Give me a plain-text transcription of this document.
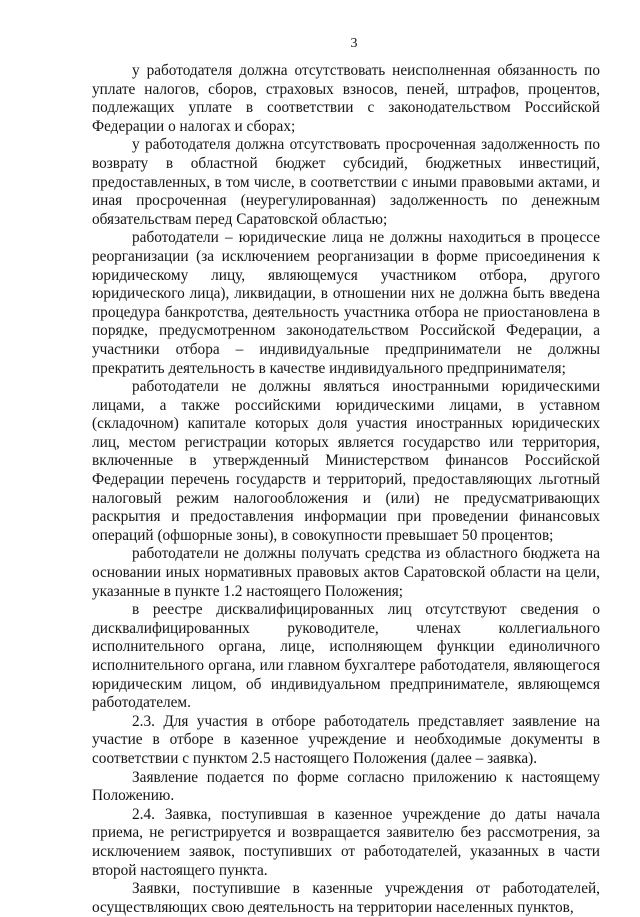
3

у работодателя должна отсутствовать неисполненная обязанность по уплате налогов, сборов, страховых взносов, пеней, штрафов, процентов, подлежащих уплате в соответствии с законодательством Российской Федерации о налогах и сборах;

у работодателя должна отсутствовать просроченная задолженность по возврату в областной бюджет субсидий, бюджетных инвестиций, предоставленных, в том числе, в соответствии с иными правовыми актами, и иная просроченная (неурегулированная) задолженность по денежным обязательствам перед Саратовской областью;

работодатели – юридические лица не должны находиться в процессе реорганизации (за исключением реорганизации в форме присоединения к юридическому лицу, являющемуся участником отбора, другого юридического лица), ликвидации, в отношении них не должна быть введена процедура банкротства, деятельность участника отбора не приостановлена в порядке, предусмотренном законодательством Российской Федерации, а участники отбора – индивидуальные предприниматели не должны прекратить деятельность в качестве индивидуального предпринимателя;

работодатели не должны являться иностранными юридическими лицами, а также российскими юридическими лицами, в уставном (складочном) капитале которых доля участия иностранных юридических лиц, местом регистрации которых является государство или территория, включенные в утвержденный Министерством финансов Российской Федерации перечень государств и территорий, предоставляющих льготный налоговый режим налогообложения и (или) не предусматривающих раскрытия и предоставления информации при проведении финансовых операций (офшорные зоны), в совокупности превышает 50 процентов;

работодатели не должны получать средства из областного бюджета на основании иных нормативных правовых актов Саратовской области на цели, указанные в пункте 1.2 настоящего Положения;

в реестре дисквалифицированных лиц отсутствуют сведения о дисквалифицированных руководителе, членах коллегиального исполнительного органа, лице, исполняющем функции единоличного исполнительного органа, или главном бухгалтере работодателя, являющегося юридическим лицом, об индивидуальном предпринимателе, являющемся работодателем.

2.3. Для участия в отборе работодатель представляет заявление на участие в отборе в казенное учреждение и необходимые документы в соответствии с пунктом 2.5 настоящего Положения (далее – заявка).

Заявление подается по форме согласно приложению к настоящему Положению.

2.4. Заявка, поступившая в казенное учреждение до даты начала приема, не регистрируется и возвращается заявителю без рассмотрения, за исключением заявок, поступивших от работодателей, указанных в части второй настоящего пункта.

Заявки, поступившие в казенные учреждения от работодателей, осуществляющих свою деятельность на территории населенных пунктов,
